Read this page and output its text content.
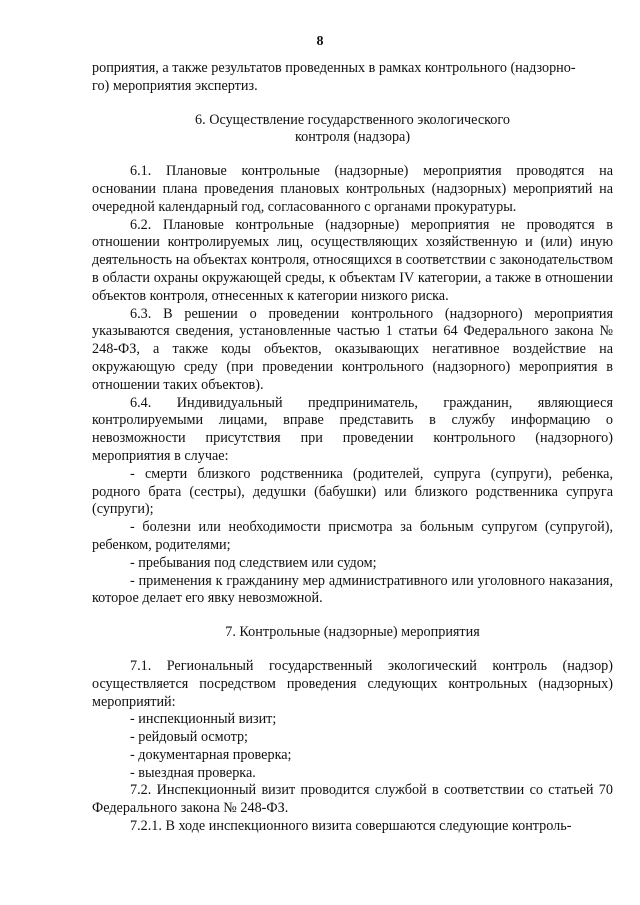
8

роприятия, а также результатов проведенных в рамках контрольного (надзорно-

го) мероприятия экспертиз.

6. Осуществление государственного экологического

контроля (надзора)

6.1. Плановые контрольные (надзорные) мероприятия проводятся на основании плана проведения плановых контрольных (надзорных) мероприятий на очередной календарный год, согласованного с органами прокуратуры.

6.2. Плановые контрольные (надзорные) мероприятия не проводятся в отношении контролируемых лиц, осуществляющих хозяйственную и (или) иную деятельность на объектах контроля, относящихся в соответствии с законодательством в области охраны окружающей среды, к объектам IV категории, а также в отношении объектов контроля, отнесенных к категории низкого риска.

6.3. В решении о проведении контрольного (надзорного) мероприятия указываются сведения, установленные частью 1 статьи 64 Федерального закона № 248-ФЗ, а также коды объектов, оказывающих негативное воздействие на окружающую среду (при проведении контрольного (надзорного) мероприятия в отношении таких объектов).

6.4. Индивидуальный предприниматель, гражданин, являющиеся контролируемыми лицами, вправе представить в службу информацию о невозможности присутствия при проведении контрольного (надзорного) мероприятия в случае:

- смерти близкого родственника (родителей, супруга (супруги), ребенка, родного брата (сестры), дедушки (бабушки) или близкого родственника супруга (супруги);

- болезни или необходимости присмотра за больным супругом (супругой), ребенком, родителями;

- пребывания под следствием или судом;

- применения к гражданину мер административного или уголовного наказания, которое делает его явку невозможной.

7. Контрольные (надзорные) мероприятия

7.1. Региональный государственный экологический контроль (надзор) осуществляется посредством проведения следующих контрольных (надзорных) мероприятий:

- инспекционный визит;

- рейдовый осмотр;

- документарная проверка;

- выездная проверка.

7.2. Инспекционный визит проводится службой в соответствии со статьей 70 Федерального закона № 248-ФЗ.

7.2.1. В ходе инспекционного визита совершаются следующие контроль-
